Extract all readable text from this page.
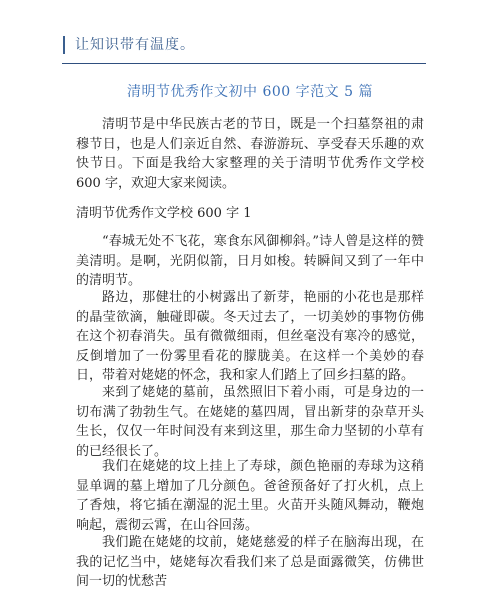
让知识带有温度。
清明节优秀作文初中 600 字范文 5 篇

清明节是中华民族古老的节日，既是一个扫墓祭祖的肃穆节日，也是人们亲近自然、春游游玩、享受春天乐趣的欢快节日。下面是我给大家整理的关于清明节优秀作文学校 600 字，欢迎大家来阅读。

清明节优秀作文学校 600 字 1

“春城无处不飞花，寒食东风御柳斜。”诗人曾是这样的赞美清明。是啊，光阴似箭，日月如梭。转瞬间又到了一年中的清明节。

路边，那健壮的小树露出了新芽，艳丽的小花也是那样的晶莹欲滴，触碰即碳。冬天过去了，一切美妙的事物仿佛在这个初春消失。虽有微微细雨，但丝毫没有寒冷的感觉，反倒增加了一份雾里看花的朦胧美。在这样一个美妙的春日，带着对姥姥的怀念，我和家人们踏上了回乡扫墓的路。

来到了姥姥的墓前，虽然照旧下着小雨，可是身边的一切布满了勃勃生气。在姥姥的墓四周，冒出新芽的杂草开头生长，仅仅一年时间没有来到这里，那生命力坚韧的小草有的已经很长了。

我们在姥姥的坟上挂上了寿球，颜色艳丽的寿球为这稍显单调的墓上增加了几分颜色。爸爸预备好了打火机，点上了香烛，将它插在潮湿的泥土里。火苗开头随风舞动，鞭炮响起，震彻云霄，在山谷回荡。

我们跪在姥姥的坟前，姥姥慈爱的样子在脑海出现，在我的记忆当中，姥姥每次看我们来了总是面露微笑，仿佛世间一切的忧愁苦
